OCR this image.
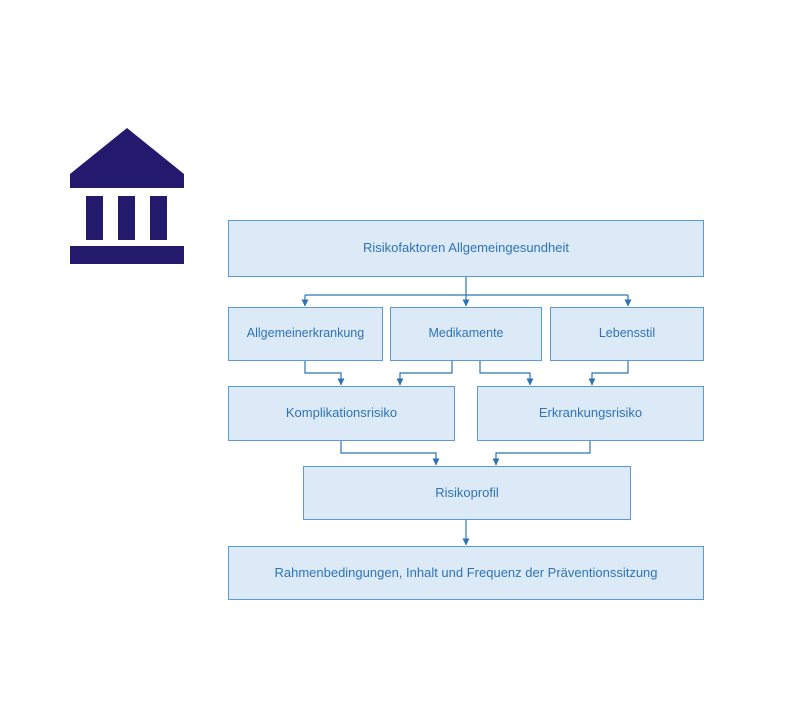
Risikofaktoren Allgemeingesundheit
Allgemeinerkrankung	Medikamente	Lebensstil
Komplikationsrisiko	Erkrankungsrisiko
Risikoprofil
Rahmenbedingungen, Inhalt und Frequenz der Präventionssitzung
